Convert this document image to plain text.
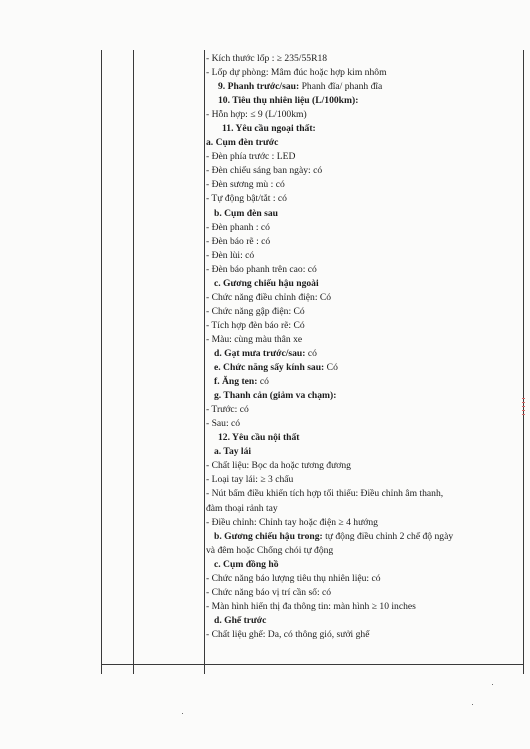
- Kích thước lốp : ≥ 235/55R18
- Lốp dự phòng: Mâm đúc hoặc hợp kim nhôm
9. Phanh trước/sau: Phanh đĩa/ phanh đĩa
10. Tiêu thụ nhiên liệu (L/100km):
- Hỗn hợp: ≤ 9 (L/100km)
11. Yêu cầu ngoại thất:
a. Cụm đèn trước
- Đèn phía trước : LED
- Đèn chiếu sáng ban ngày: có
- Đèn sương mù : có
- Tự động bật/tắt : có
b. Cụm đèn sau
- Đèn phanh : có
- Đèn báo rẽ : có
- Đèn lùi: có
- Đèn báo phanh trên cao: có
c. Gương chiếu hậu ngoài
- Chức năng điều chỉnh điện: Có
- Chức năng gập điện: Có
- Tích hợp đèn báo rẽ: Có
- Màu: cùng màu thân xe
d. Gạt mưa trước/sau: có
e. Chức năng sấy kính sau: Có
f. Ăng ten: có
g. Thanh cản (giảm va chạm):
- Trước: có
- Sau: có
12. Yêu cầu nội thất
a. Tay lái
- Chất liệu: Bọc da hoặc tương đương
- Loại tay lái: ≥ 3 chấu
- Nút bấm điều khiển tích hợp tối thiểu: Điều chỉnh âm thanh,
đàm thoại rảnh tay
- Điều chỉnh: Chỉnh tay hoặc điện ≥ 4 hướng
b. Gương chiếu hậu trong: tự động điều chỉnh 2 chế độ ngày
và đêm hoặc Chống chói tự động
c. Cụm đồng hồ
- Chức năng báo lượng tiêu thụ nhiên liệu: có
- Chức năng báo vị trí cần số: có
- Màn hình hiển thị đa thông tin: màn hình ≥ 10 inches
d. Ghế trước
- Chất liệu ghế: Da, có thông gió, sưởi ghế
